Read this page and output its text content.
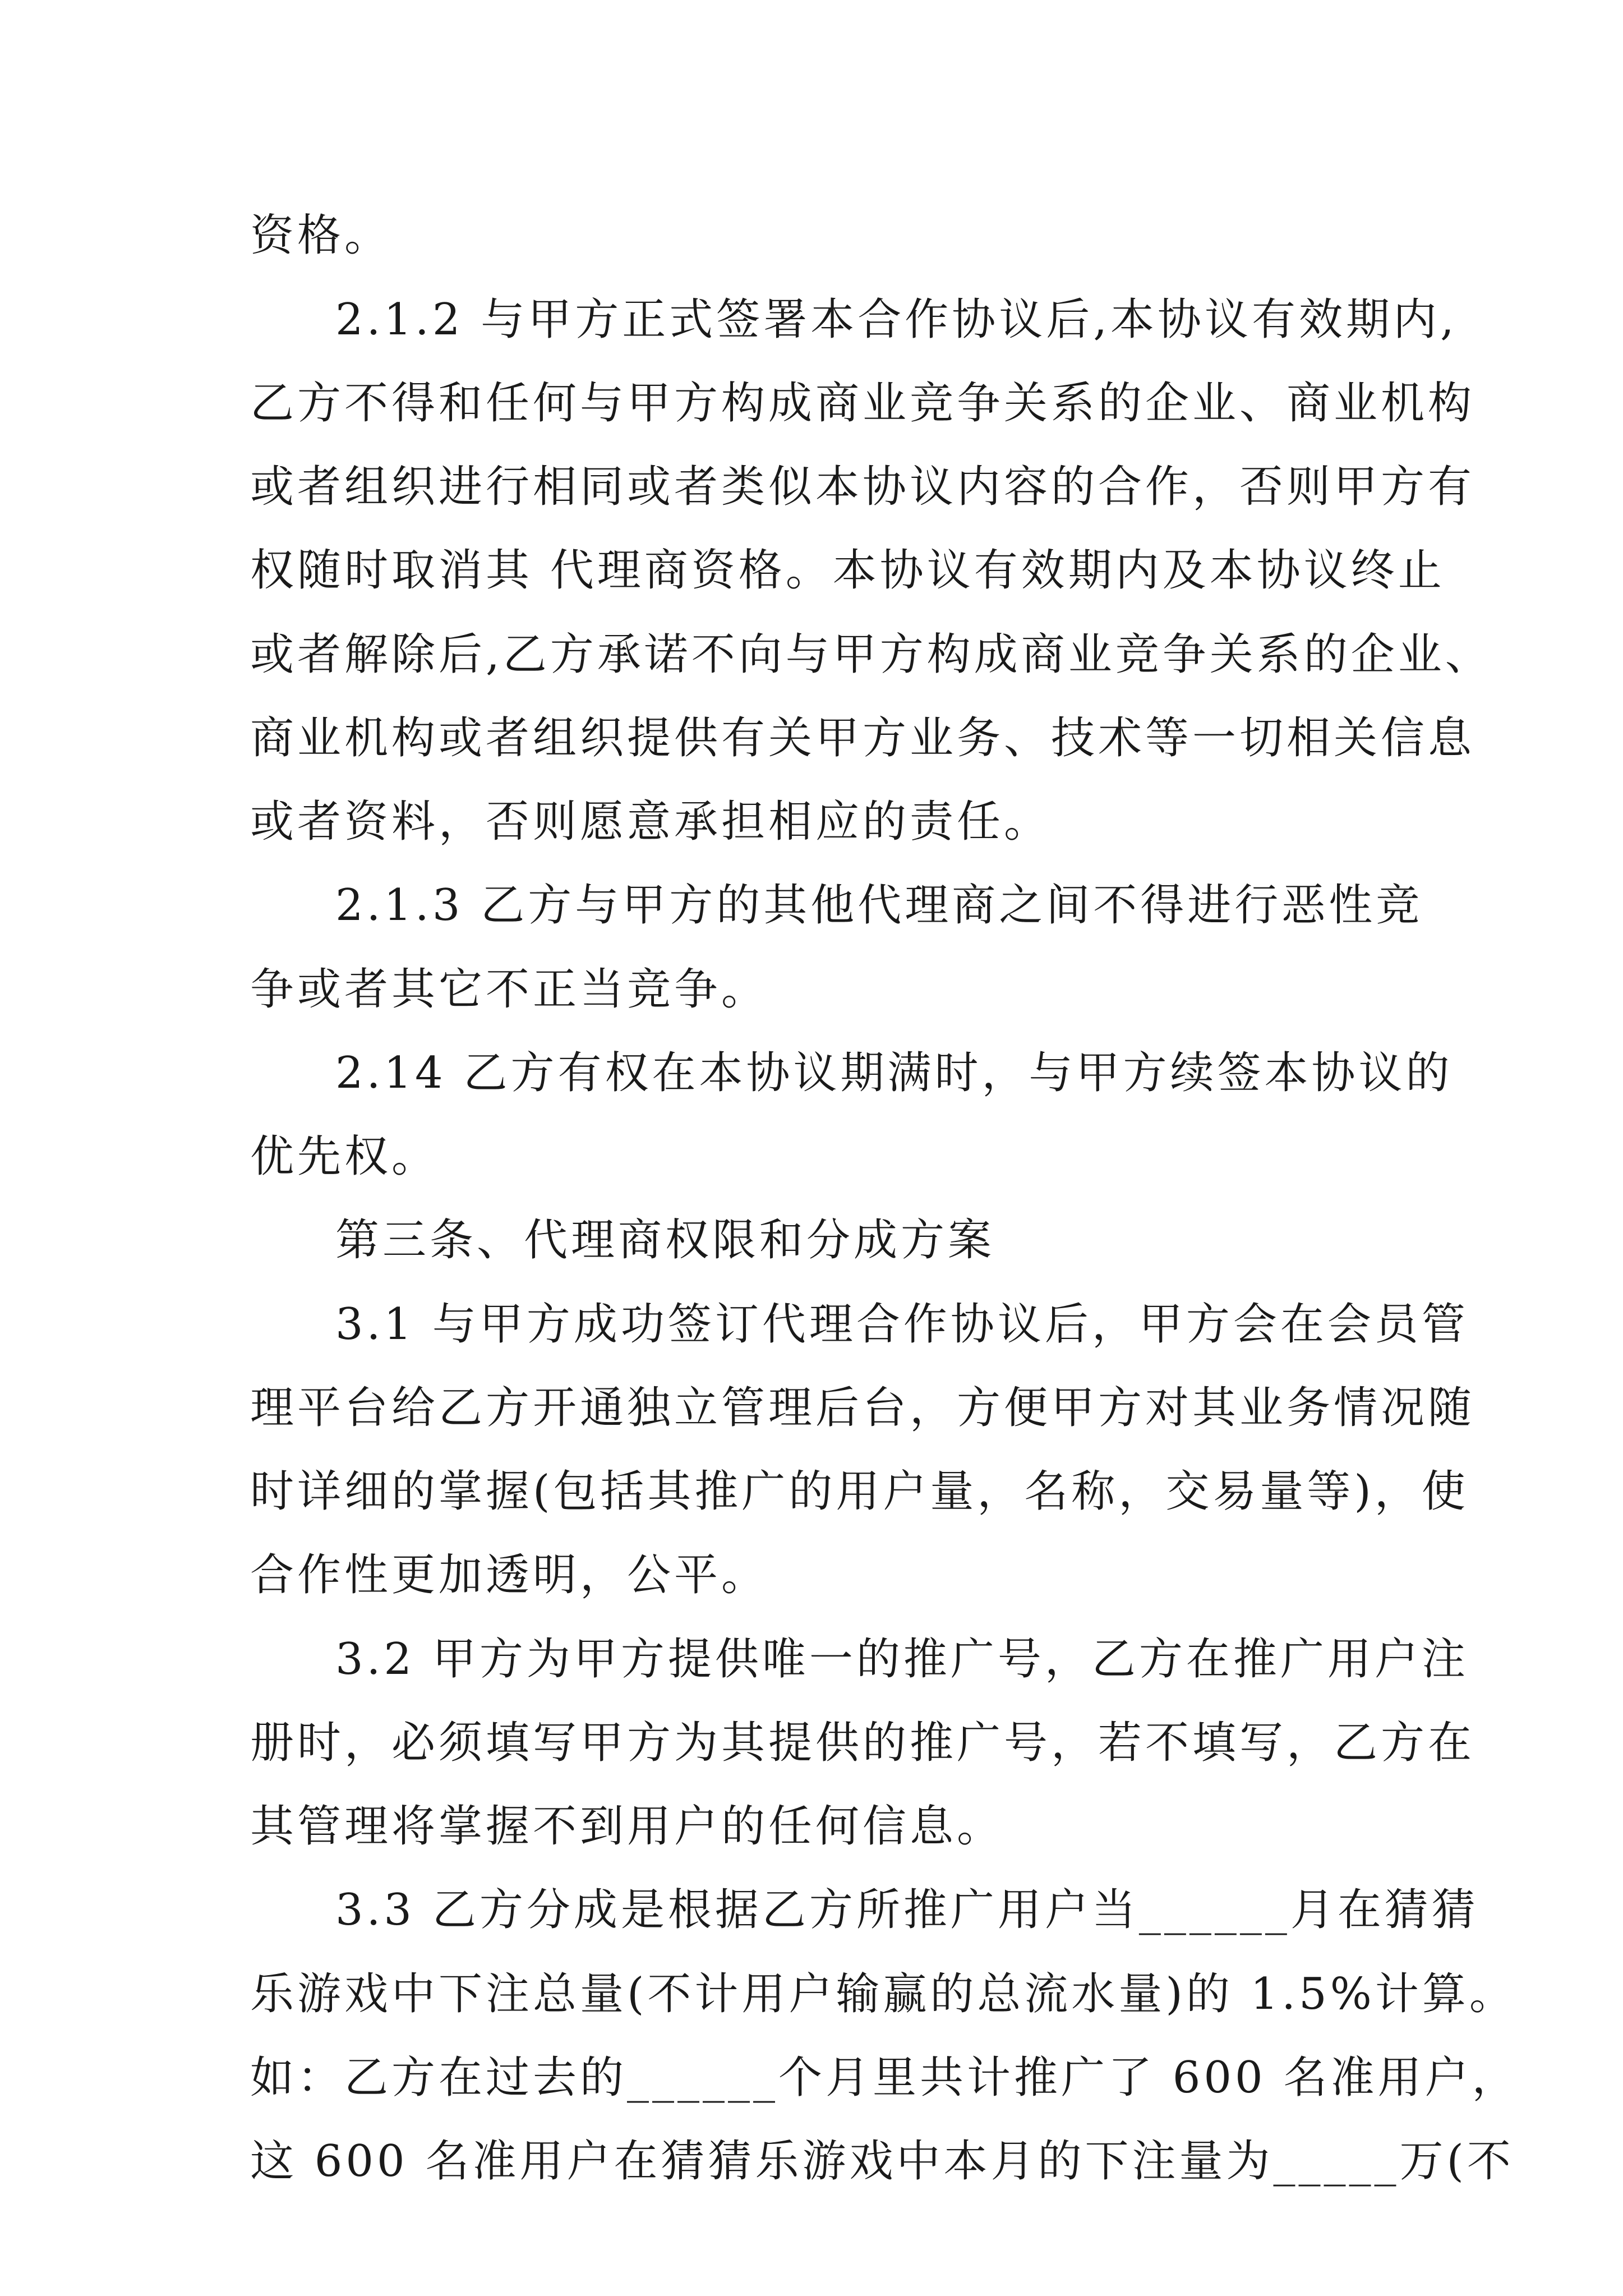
资格。
2.1.2 与甲方正式签署本合作协议后,本协议有效期内,
乙方不得和任何与甲方构成商业竞争关系的企业、商业机构
或者组织进行相同或者类似本协议内容的合作，否则甲方有
权随时取消其 代理商资格。本协议有效期内及本协议终止
或者解除后,乙方承诺不向与甲方构成商业竞争关系的企业、
商业机构或者组织提供有关甲方业务、技术等一切相关信息
或者资料，否则愿意承担相应的责任。
2.1.3 乙方与甲方的其他代理商之间不得进行恶性竞
争或者其它不正当竞争。
2.14 乙方有权在本协议期满时，与甲方续签本协议的
优先权。
第三条、代理商权限和分成方案
3.1 与甲方成功签订代理合作协议后，甲方会在会员管
理平台给乙方开通独立管理后台，方便甲方对其业务情况随
时详细的掌握(包括其推广的用户量，名称，交易量等)，使
合作性更加透明，公平。
3.2 甲方为甲方提供唯一的推广号，乙方在推广用户注
册时，必须填写甲方为其提供的推广号，若不填写，乙方在
其管理将掌握不到用户的任何信息。
3.3 乙方分成是根据乙方所推广用户当______月在猜猜
乐游戏中下注总量(不计用户输赢的总流水量)的 1.5%计算。
如：乙方在过去的______个月里共计推广了 600 名准用户，
这 600 名准用户在猜猜乐游戏中本月的下注量为_____万(不
